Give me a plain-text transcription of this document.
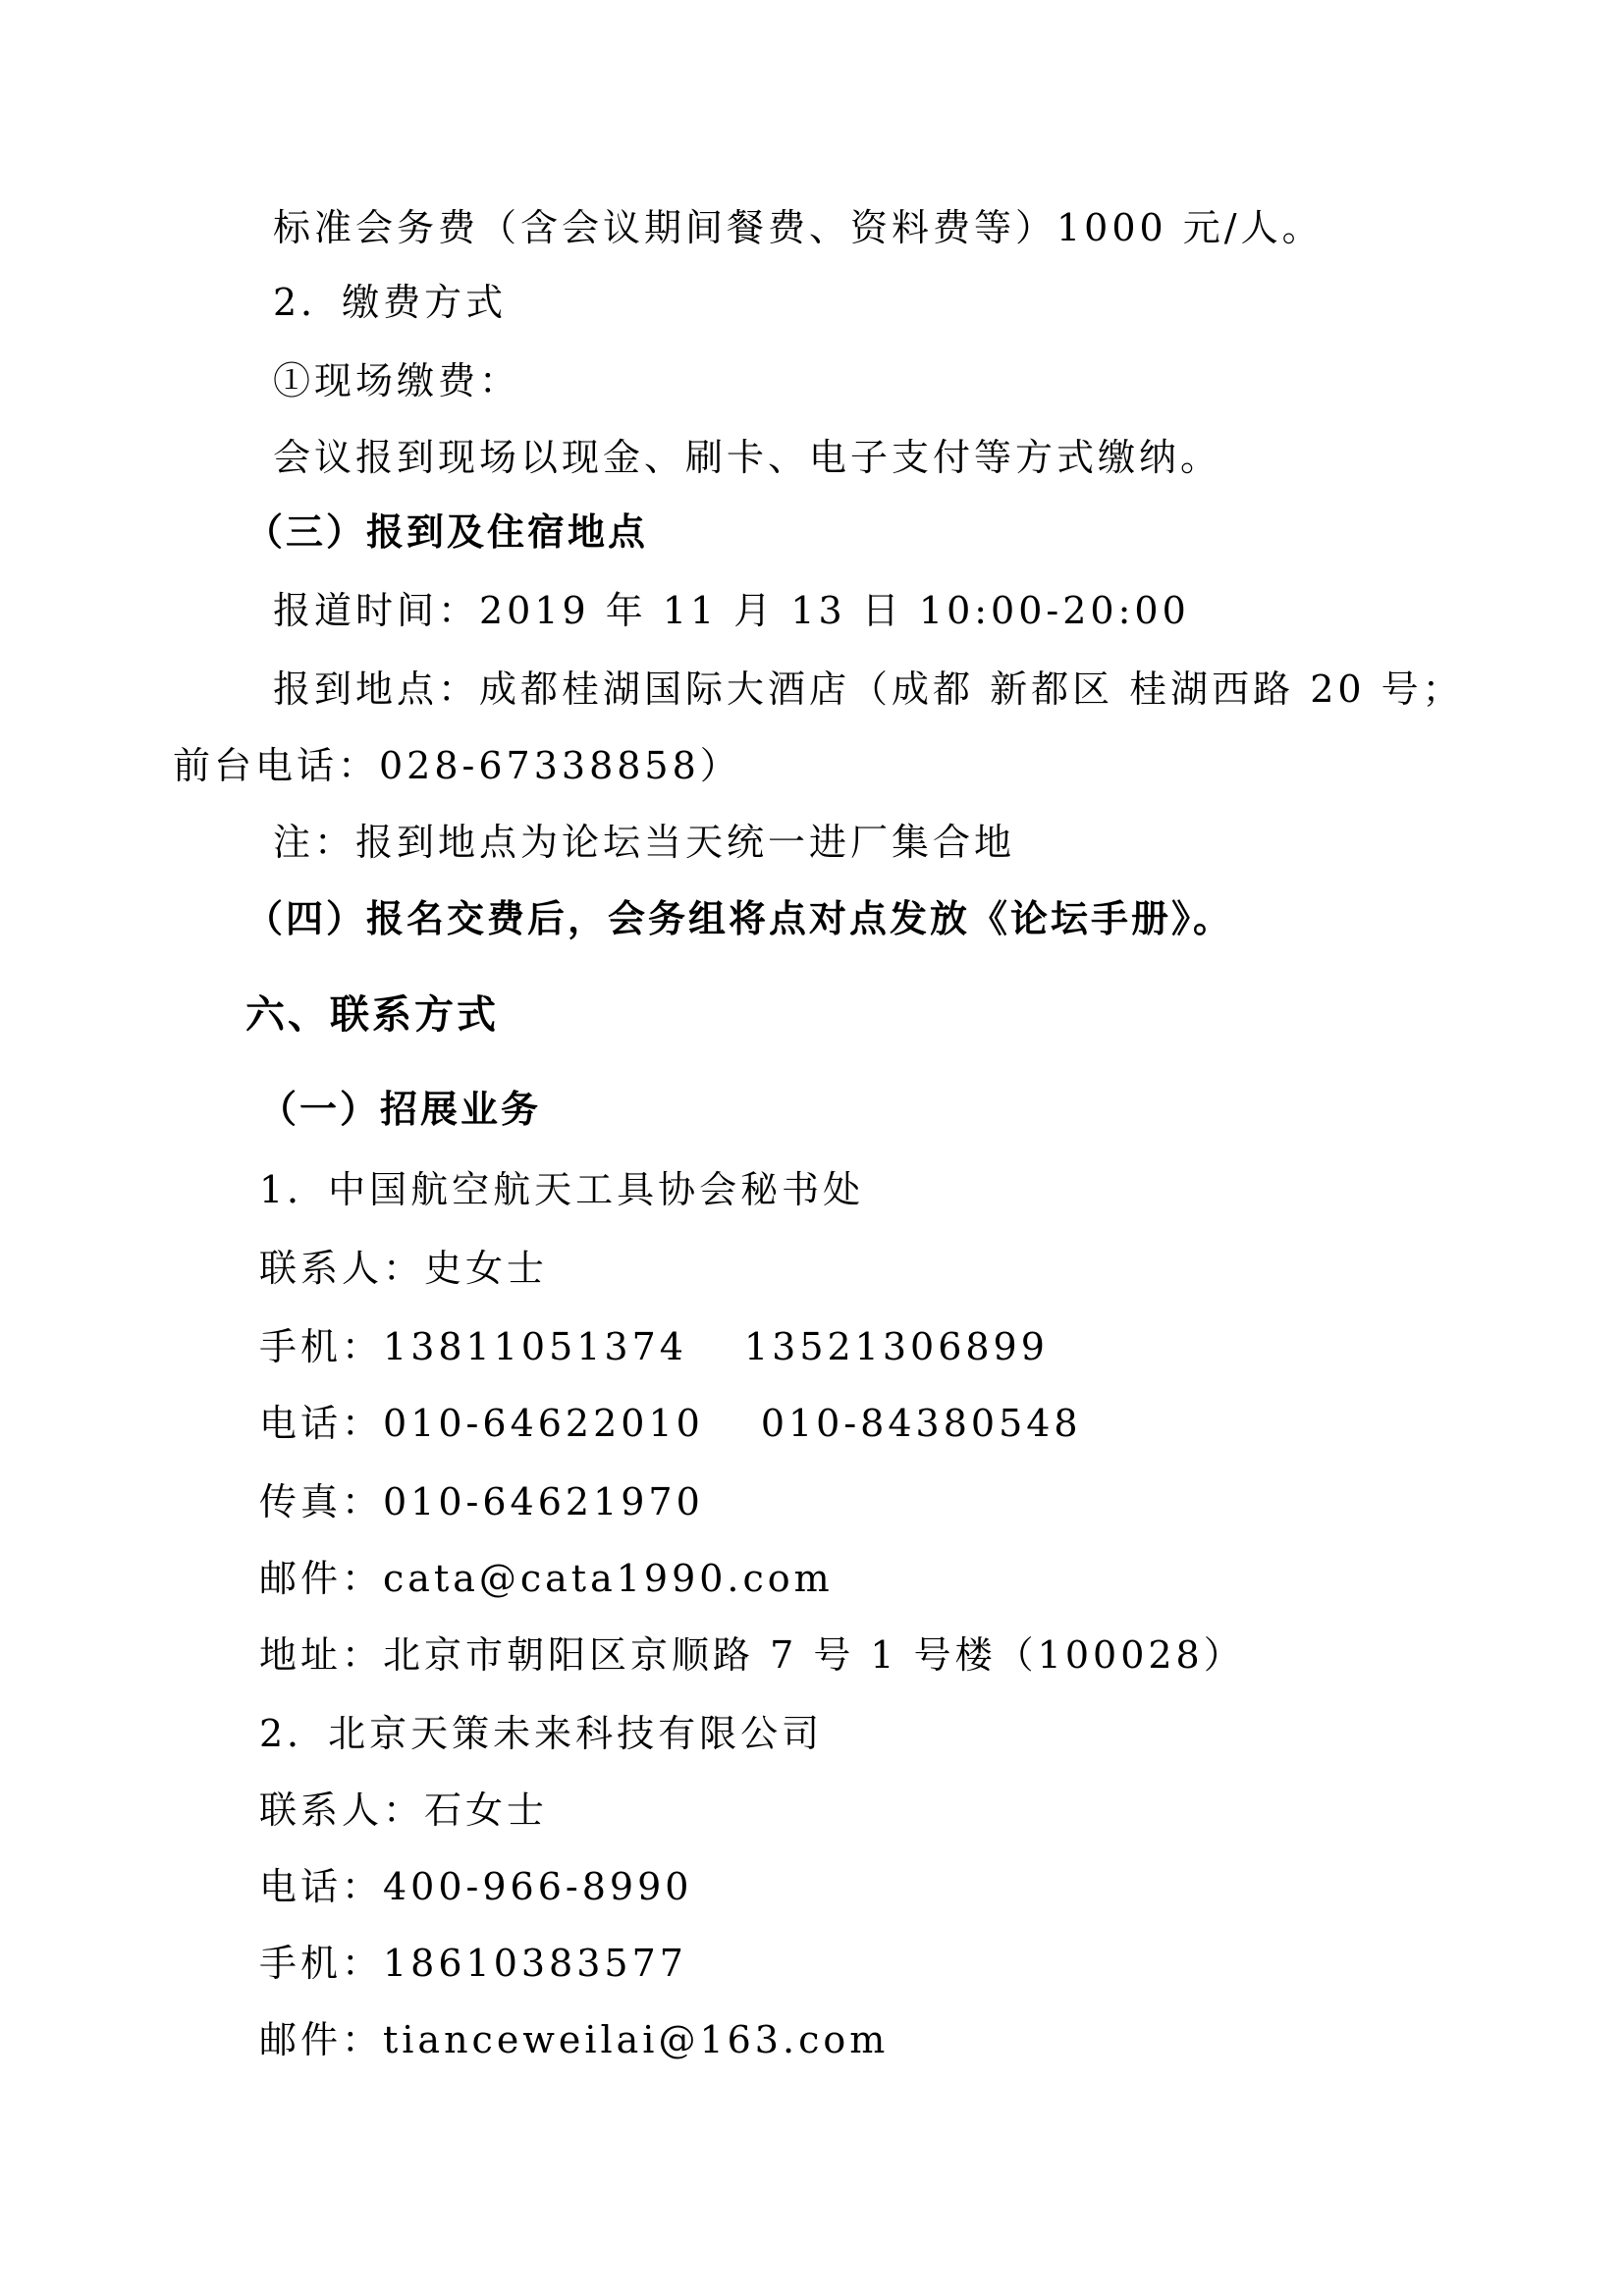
标准会务费（含会议期间餐费、资料费等）1000 元/人。
2．缴费方式
①现场缴费：
会议报到现场以现金、刷卡、电子支付等方式缴纳。
（三）报到及住宿地点
报道时间：2019 年 11 月 13 日 10:00-20:00
报到地点：成都桂湖国际大酒店（成都 新都区 桂湖西路 20 号；
前台电话：028-67338858）
注：报到地点为论坛当天统一进厂集合地
（四）报名交费后，会务组将点对点发放《论坛手册》。
六、联系方式
（一）招展业务
1．中国航空航天工具协会秘书处
联系人：史女士
手机：13811051374 13521306899
电话：010-64622010 010-84380548
传真：010-64621970
邮件：cata@cata1990.com
地址：北京市朝阳区京顺路 7 号 1 号楼（100028）
2．北京天策未来科技有限公司
联系人：石女士
电话：400-966-8990
手机：18610383577
邮件：tianceweilai@163.com
